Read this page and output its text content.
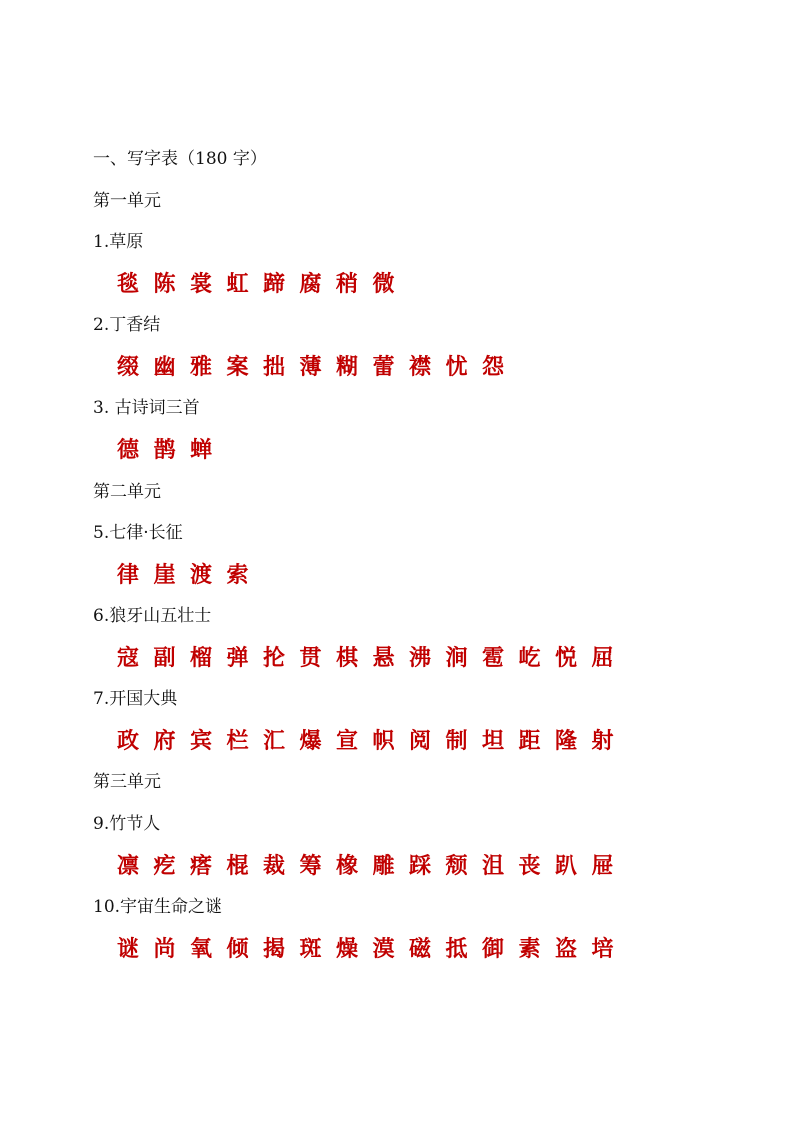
一、写字表（180 字）
第一单元
1.草原
毯 陈 裳 虹 蹄 腐 稍 微
2.丁香结
缀 幽 雅 案 拙 薄 糊 蕾 襟 忧 怨
3. 古诗词三首
德 鹊 蝉
第二单元
5.七律·长征
律 崖 渡 索
6.狼牙山五壮士
寇 副 榴 弹 抡 贯 棋 悬 沸 涧 雹 屹 悦 屈
7.开国大典
政 府 宾 栏 汇 爆 宣 帜 阅 制 坦 距 隆 射
第三单元
9.竹节人
凛 疙 瘩 棍 裁 筹 橡 雕 踩 颓 沮 丧 趴 屉
10.宇宙生命之谜
谜 尚 氧 倾 揭 斑 燥 漠 磁 抵 御 素 盗 培
